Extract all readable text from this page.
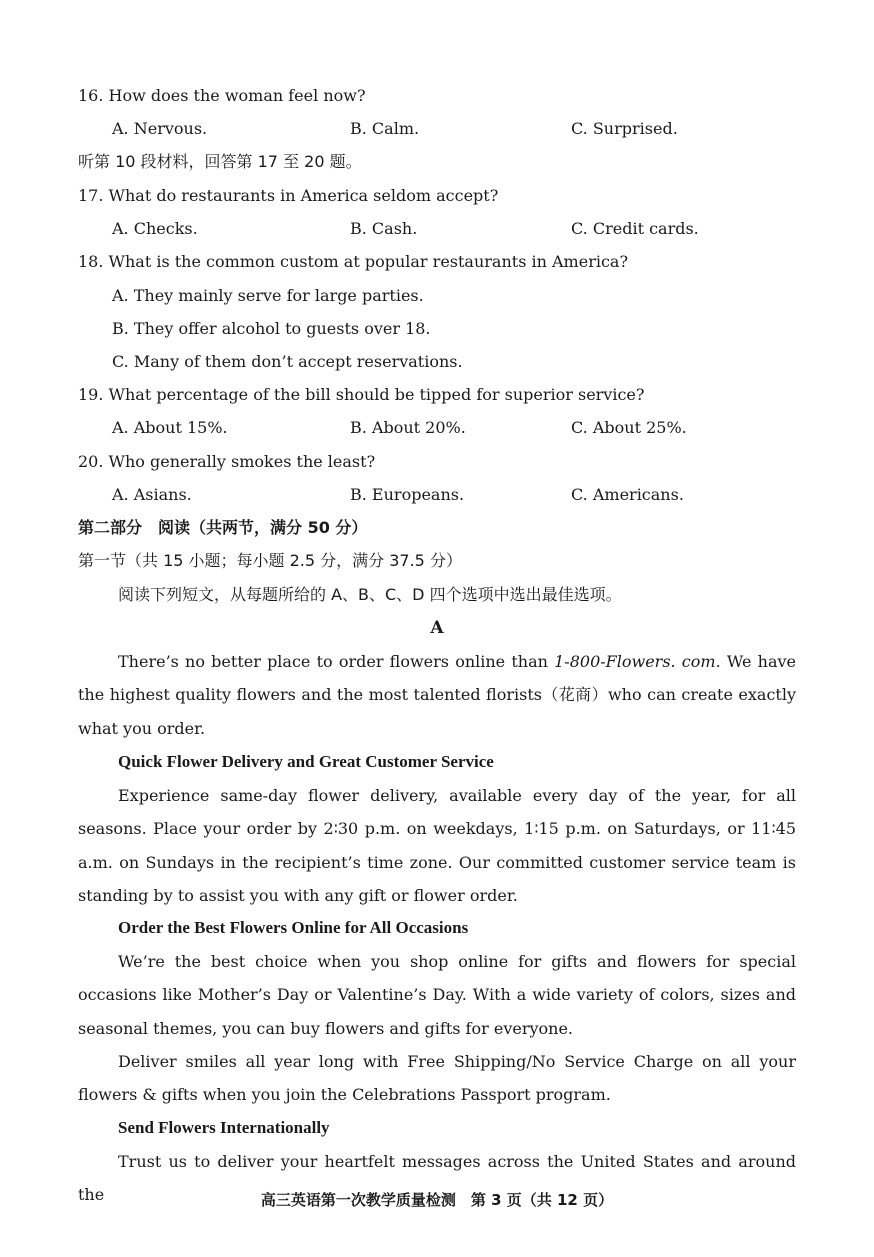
16. How does the woman feel now?
A. Nervous.	B. Calm.	C. Surprised.
听第 10 段材料，回答第 17 至 20 题。
17. What do restaurants in America seldom accept?
A. Checks.	B. Cash.	C. Credit cards.
18. What is the common custom at popular restaurants in America?
A. They mainly serve for large parties.
B. They offer alcohol to guests over 18.
C. Many of them don’t accept reservations.
19. What percentage of the bill should be tipped for superior service?
A. About 15%.	B. About 20%.	C. About 25%.
20. Who generally smokes the least?
A. Asians.	B. Europeans.	C. Americans.
第二部分　阅读（共两节，满分 50 分）
第一节（共 15 小题；每小题 2.5 分，满分 37.5 分）
阅读下列短文，从每题所给的 A、B、C、D 四个选项中选出最佳选项。
A

There’s no better place to order flowers online than 1-800-Flowers. com. We have the highest quality flowers and the most talented florists（花商）who can create exactly what you order.

Quick Flower Delivery and Great Customer Service

Experience same-day flower delivery, available every day of the year, for all seasons. Place your order by 2∶30 p.m. on weekdays, 1∶15 p.m. on Saturdays, or 11∶45 a.m. on Sundays in the recipient’s time zone. Our committed customer service team is standing by to assist you with any gift or flower order.

Order the Best Flowers Online for All Occasions

We’re the best choice when you shop online for gifts and flowers for special occasions like Mother’s Day or Valentine’s Day. With a wide variety of colors, sizes and seasonal themes, you can buy flowers and gifts for everyone.

Deliver smiles all year long with Free Shipping/No Service Charge on all your flowers & gifts when you join the Celebrations Passport program.

Send Flowers Internationally

Trust us to deliver your heartfelt messages across the United States and around the	高三英语第一次教学质量检测　第 3 页（共 12 页）
